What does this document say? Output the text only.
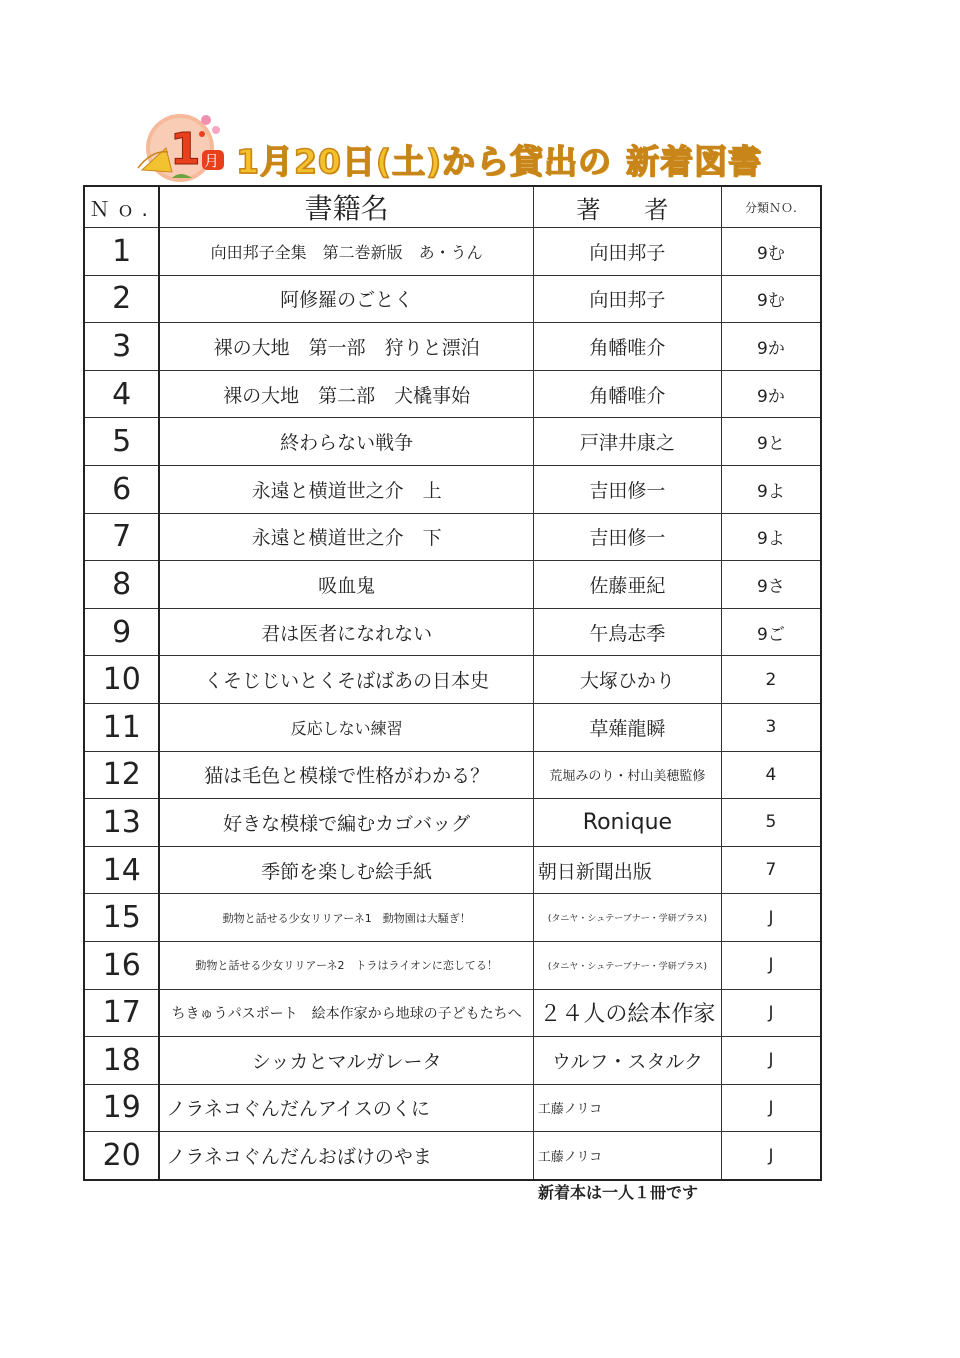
1 月 1月20日(土)から貸出の 新着図書
Ｎｏ.	書籍名	著　者	分類ＮＯ.
1	向田邦子全集　第二巻新版　あ・うん	向田邦子	9む
2	阿修羅のごとく	向田邦子	9む
3	裸の大地　第一部　狩りと漂泊	角幡唯介	9か
4	裸の大地　第二部　犬橇事始	角幡唯介	9か
5	終わらない戦争	戸津井康之	9と
6	永遠と横道世之介　上	吉田修一	9よ
7	永遠と横道世之介　下	吉田修一	9よ
8	吸血鬼	佐藤亜紀	9さ
9	君は医者になれない	午鳥志季	9ご
10	くそじじいとくそばばあの日本史	大塚ひかり	2
11	反応しない練習	草薙龍瞬	3
12	猫は毛色と模様で性格がわかる？	荒堀みのり・村山美穂監修	4
13	好きな模様で編むカゴバッグ	Ronique	5
14	季節を楽しむ絵手紙	朝日新聞出版	7
15	動物と話せる少女リリアーネ1　動物園は大騒ぎ！	(タニヤ・シュテーブナー・学研プラス)	J
16	動物と話せる少女リリアーネ2　トラはライオンに恋してる！	(タニヤ・シュテーブナー・学研プラス)	J
17	ちきゅうパスポート　絵本作家から地球の子どもたちへ	２４人の絵本作家	J
18	シッカとマルガレータ	ウルフ・スタルク	J
19	ノラネコぐんだんアイスのくに	工藤ノリコ	J
20	ノラネコぐんだんおばけのやま	工藤ノリコ	J
新着本は一人１冊です
